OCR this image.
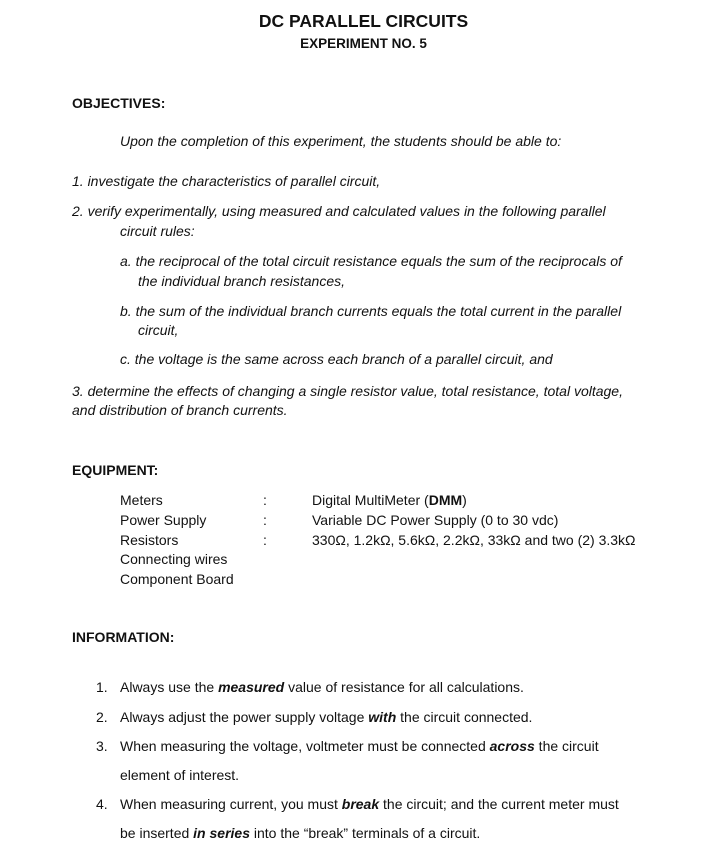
DC PARALLEL CIRCUITS
EXPERIMENT NO. 5
OBJECTIVES:
Upon the completion of this experiment, the students should be able to:
1. investigate the characteristics of parallel circuit,
2. verify experimentally, using measured and calculated values in the following parallel
circuit rules:
a. the reciprocal of the total circuit resistance equals the sum of the reciprocals of
the individual branch resistances,
b. the sum of the individual branch currents equals the total current in the parallel
circuit,
c. the voltage is the same across each branch of a parallel circuit, and
3. determine the effects of changing a single resistor value, total resistance, total voltage,
and distribution of branch currents.
EQUIPMENT:
Meters	:	Digital MultiMeter (DMM)
Power Supply	:	Variable DC Power Supply (0 to 30 vdc)
Resistors	:	330Ω, 1.2kΩ, 5.6kΩ, 2.2kΩ, 33kΩ and two (2) 3.3kΩ
Connecting wires
Component Board
INFORMATION:
1. Always use the measured value of resistance for all calculations.
2. Always adjust the power supply voltage with the circuit connected.
3. When measuring the voltage, voltmeter must be connected across the circuit
element of interest.
4. When measuring current, you must break the circuit; and the current meter must
be inserted in series into the “break” terminals of a circuit.
